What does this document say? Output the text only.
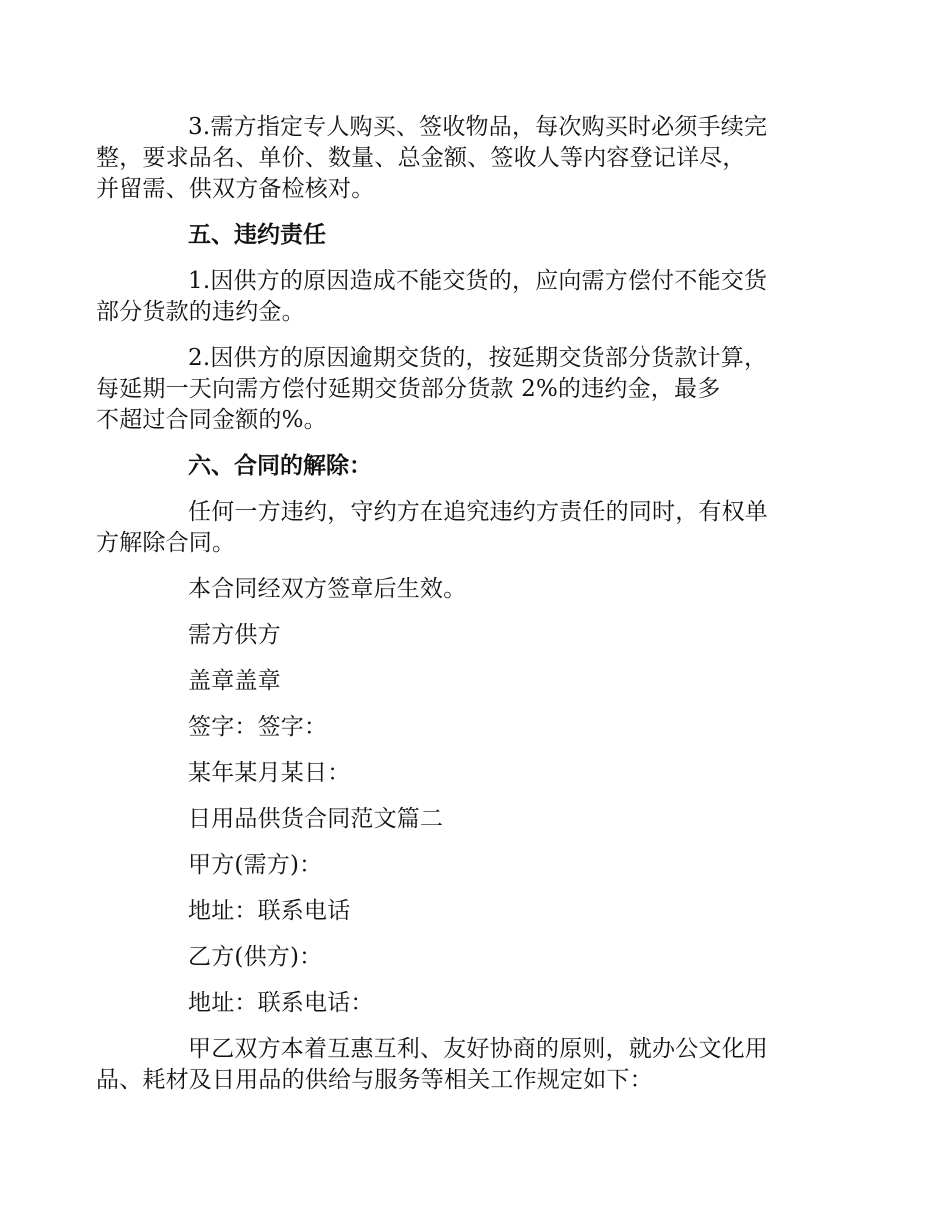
3.需方指定专人购买、签收物品，每次购买时必须手续完
整，要求品名、单价、数量、总金额、签收人等内容登记详尽，
并留需、供双方备检核对。

五、违约责任

1.因供方的原因造成不能交货的，应向需方偿付不能交货
部分货款的违约金。

2.因供方的原因逾期交货的，按延期交货部分货款计算，
每延期一天向需方偿付延期交货部分货款 2%的违约金，最多
不超过合同金额的%。

六、合同的解除：

任何一方违约，守约方在追究违约方责任的同时，有权单
方解除合同。

本合同经双方签章后生效。

需方供方

盖章盖章

签字：签字：

某年某月某日：

日用品供货合同范文篇二

甲方(需方)：

地址：联系电话

乙方(供方)：

地址：联系电话：

甲乙双方本着互惠互利、友好协商的原则，就办公文化用
品、耗材及日用品的供给与服务等相关工作规定如下：
